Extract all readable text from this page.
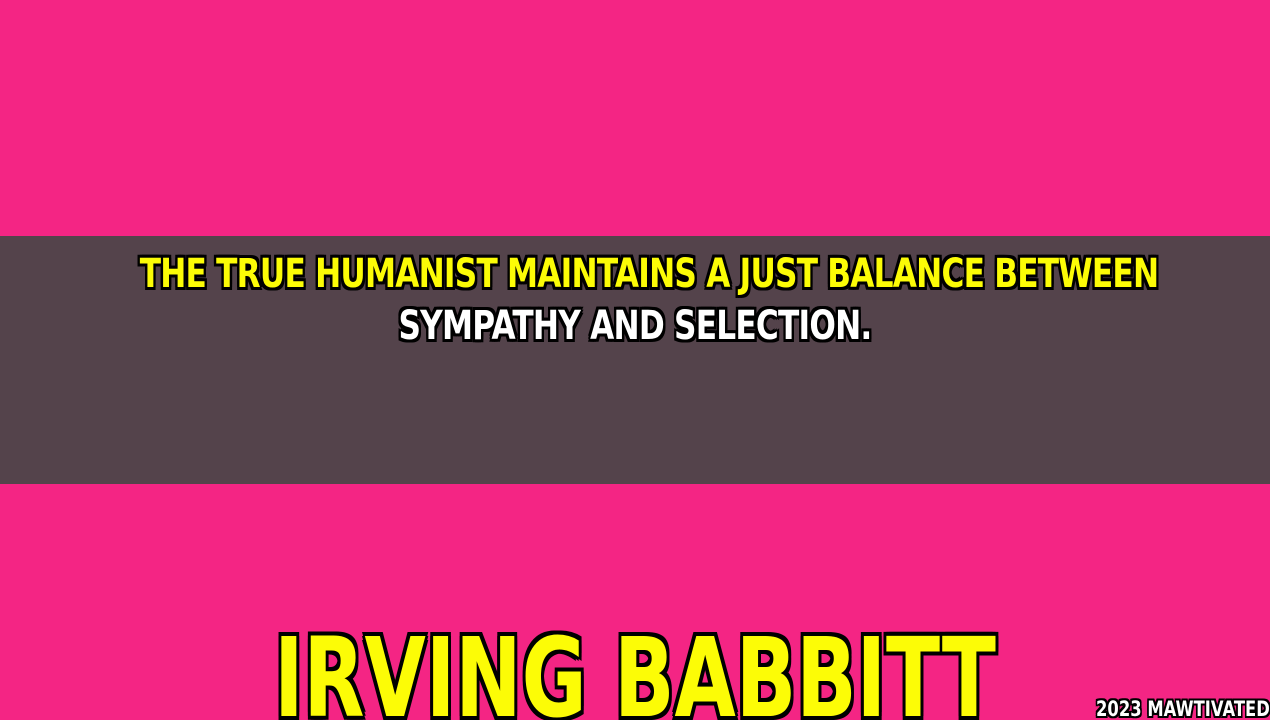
THE TRUE HUMANIST MAINTAINS A JUST BALANCE BETWEEN
SYMPATHY AND SELECTION.
IRVING BABBITT	2023 MAWTIVATED
